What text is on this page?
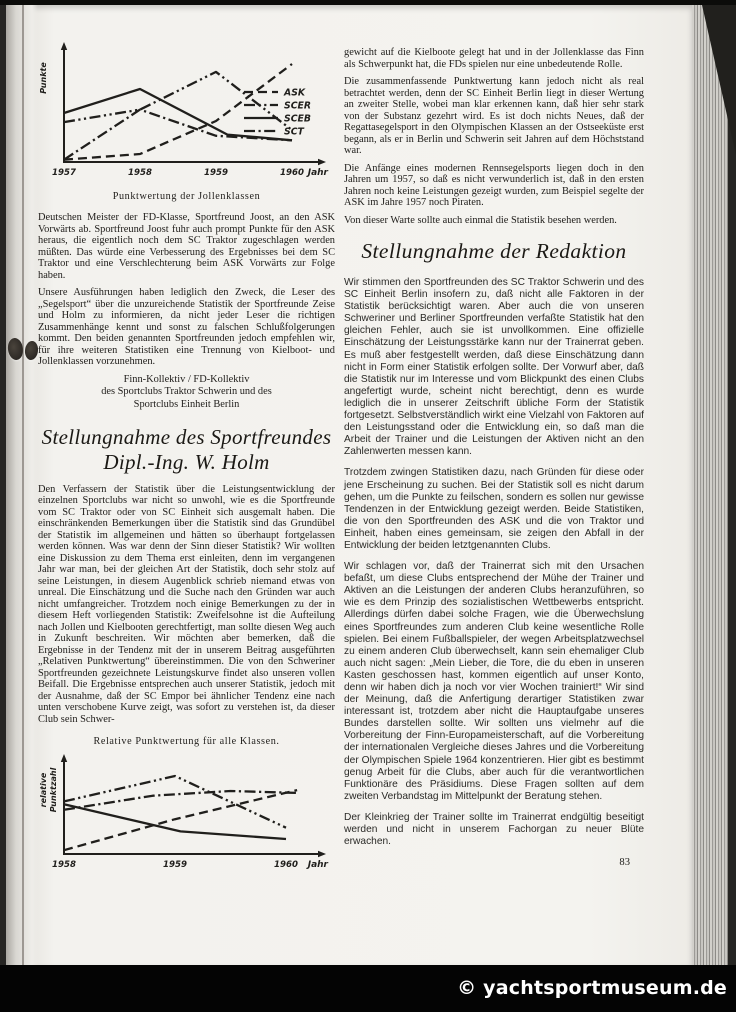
1957	1958	1959	1960 Jahr
Punkte	ASK
SCER
SCEB
SCT
Punktwertung der Jollenklassen

Deutschen Meister der FD-Klasse, Sportfreund Joost, an den ASK Vorwärts ab. Sportfreund Joost fuhr auch prompt Punkte für den ASK heraus, die eigentlich noch dem SC Traktor zugeschlagen werden müßten. Das würde eine Verbesserung des Ergebnisses bei dem SC Traktor und eine Verschlechterung beim ASK Vorwärts zur Folge haben.

Unsere Ausführungen haben lediglich den Zweck, die Leser des „Segelsport“ über die unzureichende Statistik der Sportfreunde Zeise und Holm zu informieren, da nicht jeder Leser die richtigen Zusammenhänge kennt und sonst zu falschen Schlußfolgerungen kommt. Den beiden genannten Sportfreunden jedoch empfehlen wir, für ihre weiteren Statistiken eine Trennung von Kielboot- und Jollenklassen vorzunehmen.

Finn-Kollektiv / FD-Kollektiv
des Sportclubs Traktor Schwerin und des
Sportclubs Einheit Berlin
Stellungnahme des Sportfreundes
Dipl.-Ing. W. Holm

Den Verfassern der Statistik über die Leistungsentwicklung der einzelnen Sportclubs war nicht so unwohl, wie es die Sportfreunde vom SC Traktor oder von SC Einheit sich ausgemalt haben. Die einschränkenden Bemerkungen über die Statistik sind das Grundübel der Statistik im allgemeinen und hätten so überhaupt fortgelassen werden können. Was war denn der Sinn dieser Statistik? Wir wollten eine Diskussion zu dem Thema erst einleiten, denn im vergangenen Jahr war man, bei der gleichen Art der Statistik, doch sehr stolz auf seine Leistungen, in diesem Augenblick schrieb niemand etwas von unreal. Die Einschätzung und die Suche nach den Gründen war auch nicht umfangreicher. Trotzdem noch einige Bemerkungen zu der in diesem Heft vorliegenden Statistik: Zweifelsohne ist die Aufteilung nach Jollen und Kielbooten gerechtfertigt, man sollte diesen Weg auch in Zukunft beschreiten. Wir möchten aber bemerken, daß die Ergebnisse in der Tendenz mit der in unserem Beitrag ausgeführten „Relativen Punktwertung“ übereinstimmen. Die von den Schweriner Sportfreunden gezeichnete Leistungskurve findet also unseren vollen Beifall. Die Ergebnisse entsprechen auch unserer Statistik, jedoch mit der Ausnahme, daß der SC Empor bei ähnlicher Tendenz eine nach unten verschobene Kurve zeigt, was sofort zu verstehen ist, da dieser Club sein Schwer-

Relative Punktwertung für alle Klassen.
1958	1959	1960 Jahr
relative Punktzahl

gewicht auf die Kielboote gelegt hat und in der Jollenklasse das Finn als Schwerpunkt hat, die FDs spielen nur eine unbedeutende Rolle.

Die zusammenfassende Punktwertung kann jedoch nicht als real betrachtet werden, denn der SC Einheit Berlin liegt in dieser Wertung an zweiter Stelle, wobei man klar erkennen kann, daß hier sehr stark von der Substanz gezehrt wird. Es ist doch nichts Neues, daß der Regattasegelsport in den Olympischen Klassen an der Ostseeküste erst begann, als er in Berlin und Schwerin seit Jahren auf dem Höchststand war.

Die Anfänge eines modernen Rennsegelsports liegen doch in den Jahren um 1957, so daß es nicht verwunderlich ist, daß in den ersten Jahren noch keine Leistungen gezeigt wurden, zum Beispiel segelte der ASK im Jahre 1957 noch Piraten.

Von dieser Warte sollte auch einmal die Statistik besehen werden.

Stellungnahme der Redaktion

Wir stimmen den Sportfreunden des SC Traktor Schwerin und des SC Einheit Berlin insofern zu, daß nicht alle Faktoren in der Statistik berücksichtigt waren. Aber auch die von unseren Schweriner und Berliner Sportfreunden verfaßte Statistik hat den gleichen Fehler, auch sie ist unvollkommen. Eine offizielle Einschätzung der Leistungsstärke kann nur der Trainerrat geben. Es muß aber festgestellt werden, daß diese Einschätzung dann nicht in Form einer Statistik erfolgen sollte. Der Vorwurf aber, daß die Statistik nur im Interesse und vom Blickpunkt des einen Clubs angefertigt wurde, scheint nicht berechtigt, denn es wurde lediglich die in unserer Zeitschrift übliche Form der Statistik fortgesetzt. Selbstverständlich wirkt eine Vielzahl von Faktoren auf den Leistungsstand oder die Entwicklung ein, so daß man die Arbeit der Trainer und die Leistungen der Aktiven nicht an den Zahlenwerten messen kann.

Trotzdem zwingen Statistiken dazu, nach Gründen für diese oder jene Erscheinung zu suchen. Bei der Statistik soll es nicht darum gehen, um die Punkte zu feilschen, sondern es sollen nur gewisse Tendenzen in der Entwicklung gezeigt werden. Beide Statistiken, die von den Sportfreunden des ASK und die von Traktor und Einheit, haben eines gemeinsam, sie zeigen den Abfall in der Entwicklung der beiden letztgenannten Clubs.

Wir schlagen vor, daß der Trainerrat sich mit den Ursachen befaßt, um diese Clubs entsprechend der Mühe der Trainer und Aktiven an die Leistungen der anderen Clubs heranzuführen, so wie es dem Prinzip des sozialistischen Wettbewerbs entspricht. Allerdings dürfen dabei solche Fragen, wie die Überwechslung eines Sportfreundes zum anderen Club keine wesentliche Rolle spielen. Bei einem Fußballspieler, der wegen Arbeitsplatzwechsel zu einem anderen Club überwechselt, kann sein ehemaliger Club auch nicht sagen: „Mein Lieber, die Tore, die du eben in unseren Kasten geschossen hast, kommen eigentlich auf unser Konto, denn wir haben dich ja noch vor vier Wochen trainiert!“ Wir sind der Meinung, daß die Anfertigung derartiger Statistiken zwar interessant ist, trotzdem aber nicht die Hauptaufgabe unseres Bundes darstellen sollte. Wir sollten uns vielmehr auf die Vorbereitung der Finn-Europameisterschaft, auf die Vorbereitung der internationalen Vergleiche dieses Jahres und die Vorbereitung der Olympischen Spiele 1964 konzentrieren. Hier gibt es bestimmt genug Arbeit für die Clubs, aber auch für die verantwortlichen Funktionäre des Präsidiums. Diese Fragen sollten auf dem zweiten Verbandstag im Mittelpunkt der Beratung stehen.

Der Kleinkrieg der Trainer sollte im Trainerrat endgültig beseitigt werden und nicht in unserem Fachorgan zu neuer Blüte erwachen.

83
© yachtsportmuseum.de
